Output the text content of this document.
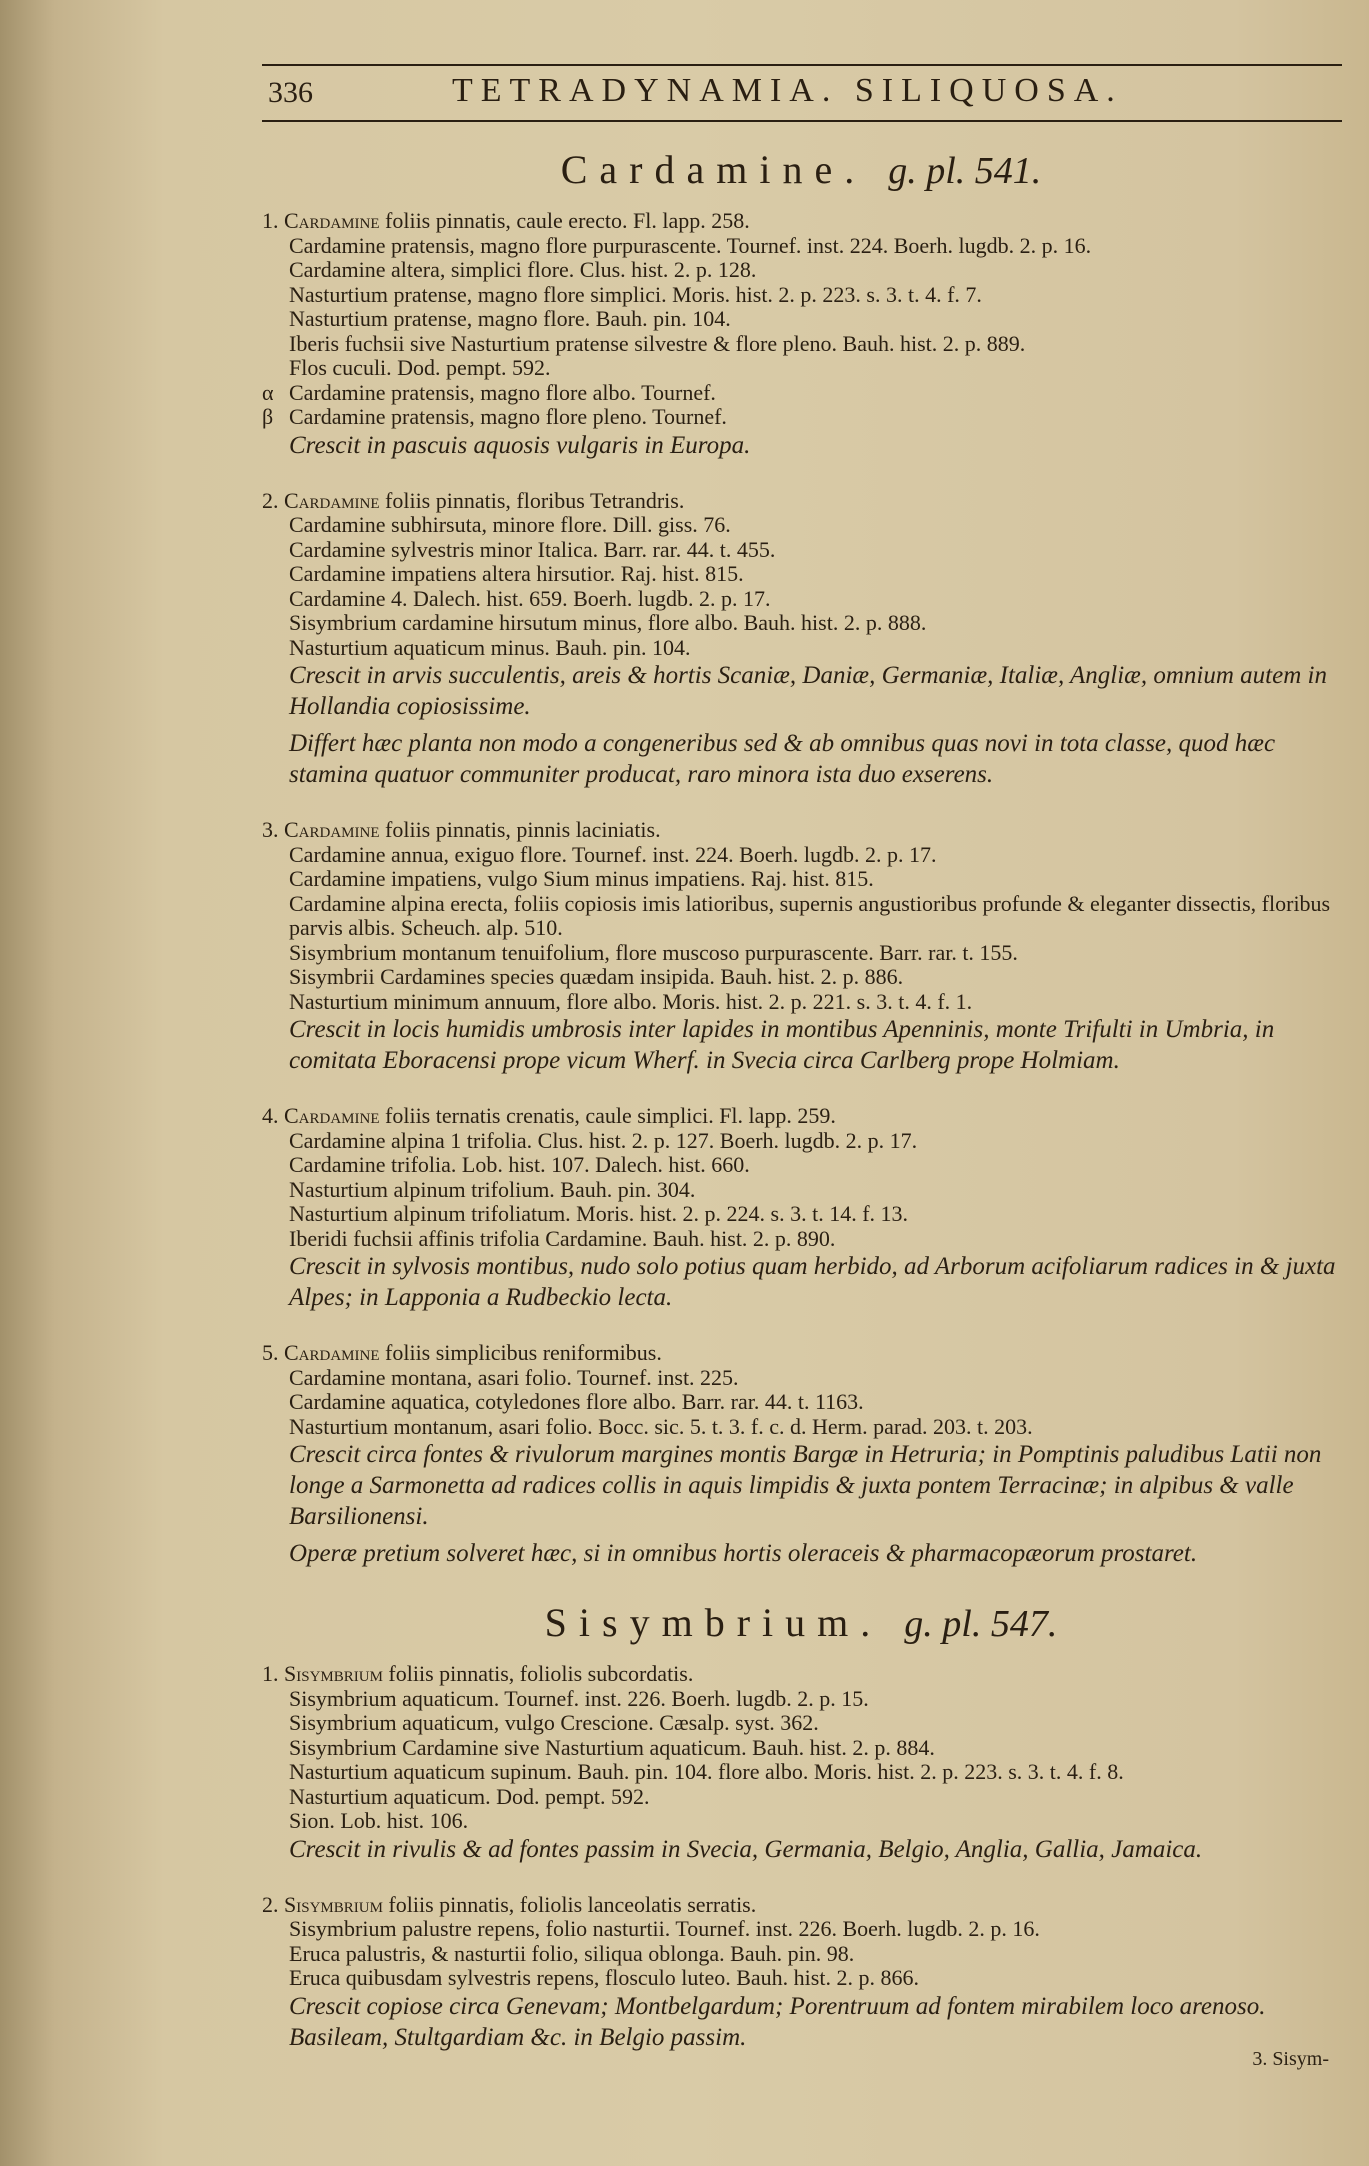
336	TETRADYNAMIA. SILIQUOSA.
Cardamine. g. pl. 541.
1. Cardamine foliis pinnatis, caule erecto. Fl. lapp. 258.
Cardamine pratensis, magno flore purpurascente. Tournef. inst. 224. Boerh. lugdb. 2. p. 16.
Cardamine altera, simplici flore. Clus. hist. 2. p. 128.
Nasturtium pratense, magno flore simplici. Moris. hist. 2. p. 223. s. 3. t. 4. f. 7.
Nasturtium pratense, magno flore. Bauh. pin. 104.
Iberis fuchsii sive Nasturtium pratense silvestre & flore pleno. Bauh. hist. 2. p. 889.
Flos cuculi. Dod. pempt. 592.
α Cardamine pratensis, magno flore albo. Tournef.
β Cardamine pratensis, magno flore pleno. Tournef.
Crescit in pascuis aquosis vulgaris in Europa.
2. Cardamine foliis pinnatis, floribus Tetrandris.
Cardamine subhirsuta, minore flore. Dill. giss. 76.
Cardamine sylvestris minor Italica. Barr. rar. 44. t. 455.
Cardamine impatiens altera hirsutior. Raj. hist. 815.
Cardamine 4. Dalech. hist. 659. Boerh. lugdb. 2. p. 17.
Sisymbrium cardamine hirsutum minus, flore albo. Bauh. hist. 2. p. 888.
Nasturtium aquaticum minus. Bauh. pin. 104.
Crescit in arvis succulentis, areis & hortis Scaniæ, Daniæ, Germaniæ, Italiæ, Angliæ, omnium autem in Hollandia copiosissime.
Differt hæc planta non modo a congeneribus sed & ab omnibus quas novi in tota classe, quod hæc stamina quatuor communiter producat, raro minora ista duo exserens.
3. Cardamine foliis pinnatis, pinnis laciniatis.
Cardamine annua, exiguo flore. Tournef. inst. 224. Boerh. lugdb. 2. p. 17.
Cardamine impatiens, vulgo Sium minus impatiens. Raj. hist. 815.
Cardamine alpina erecta, foliis copiosis imis latioribus, supernis angustioribus profunde & eleganter dissectis, floribus parvis albis. Scheuch. alp. 510.
Sisymbrium montanum tenuifolium, flore muscoso purpurascente. Barr. rar. t. 155.
Sisymbrii Cardamines species quædam insipida. Bauh. hist. 2. p. 886.
Nasturtium minimum annuum, flore albo. Moris. hist. 2. p. 221. s. 3. t. 4. f. 1.
Crescit in locis humidis umbrosis inter lapides in montibus Apenninis, monte Trifulti in Umbria, in comitata Eboracensi prope vicum Wherf. in Svecia circa Carlberg prope Holmiam.
4. Cardamine foliis ternatis crenatis, caule simplici. Fl. lapp. 259.
Cardamine alpina 1 trifolia. Clus. hist. 2. p. 127. Boerh. lugdb. 2. p. 17.
Cardamine trifolia. Lob. hist. 107. Dalech. hist. 660.
Nasturtium alpinum trifolium. Bauh. pin. 304.
Nasturtium alpinum trifoliatum. Moris. hist. 2. p. 224. s. 3. t. 14. f. 13.
Iberidi fuchsii affinis trifolia Cardamine. Bauh. hist. 2. p. 890.
Crescit in sylvosis montibus, nudo solo potius quam herbido, ad Arborum acifoliarum radices in & juxta Alpes; in Lapponia a Rudbeckio lecta.
5. Cardamine foliis simplicibus reniformibus.
Cardamine montana, asari folio. Tournef. inst. 225.
Cardamine aquatica, cotyledones flore albo. Barr. rar. 44. t. 1163.
Nasturtium montanum, asari folio. Bocc. sic. 5. t. 3. f. c. d. Herm. parad. 203. t. 203.
Crescit circa fontes & rivulorum margines montis Bargæ in Hetruria; in Pomptinis paludibus Latii non longe a Sarmonetta ad radices collis in aquis limpidis & juxta pontem Terracinæ; in alpibus & valle Barsilionensi.
Operæ pretium solveret hæc, si in omnibus hortis oleraceis & pharmacopæorum prostaret.
Sisymbrium. g. pl. 547.
1. Sisymbrium foliis pinnatis, foliolis subcordatis.
Sisymbrium aquaticum. Tournef. inst. 226. Boerh. lugdb. 2. p. 15.
Sisymbrium aquaticum, vulgo Crescione. Cæsalp. syst. 362.
Sisymbrium Cardamine sive Nasturtium aquaticum. Bauh. hist. 2. p. 884.
Nasturtium aquaticum supinum. Bauh. pin. 104. flore albo. Moris. hist. 2. p. 223. s. 3. t. 4. f. 8.
Nasturtium aquaticum. Dod. pempt. 592.
Sion. Lob. hist. 106.
Crescit in rivulis & ad fontes passim in Svecia, Germania, Belgio, Anglia, Gallia, Jamaica.
2. Sisymbrium foliis pinnatis, foliolis lanceolatis serratis.
Sisymbrium palustre repens, folio nasturtii. Tournef. inst. 226. Boerh. lugdb. 2. p. 16.
Eruca palustris, & nasturtii folio, siliqua oblonga. Bauh. pin. 98.
Eruca quibusdam sylvestris repens, flosculo luteo. Bauh. hist. 2. p. 866.
Crescit copiose circa Genevam; Montbelgardum; Porentruum ad fontem mirabilem loco arenoso. Basileam, Stultgardiam &c. in Belgio passim.
3. Sisym-
